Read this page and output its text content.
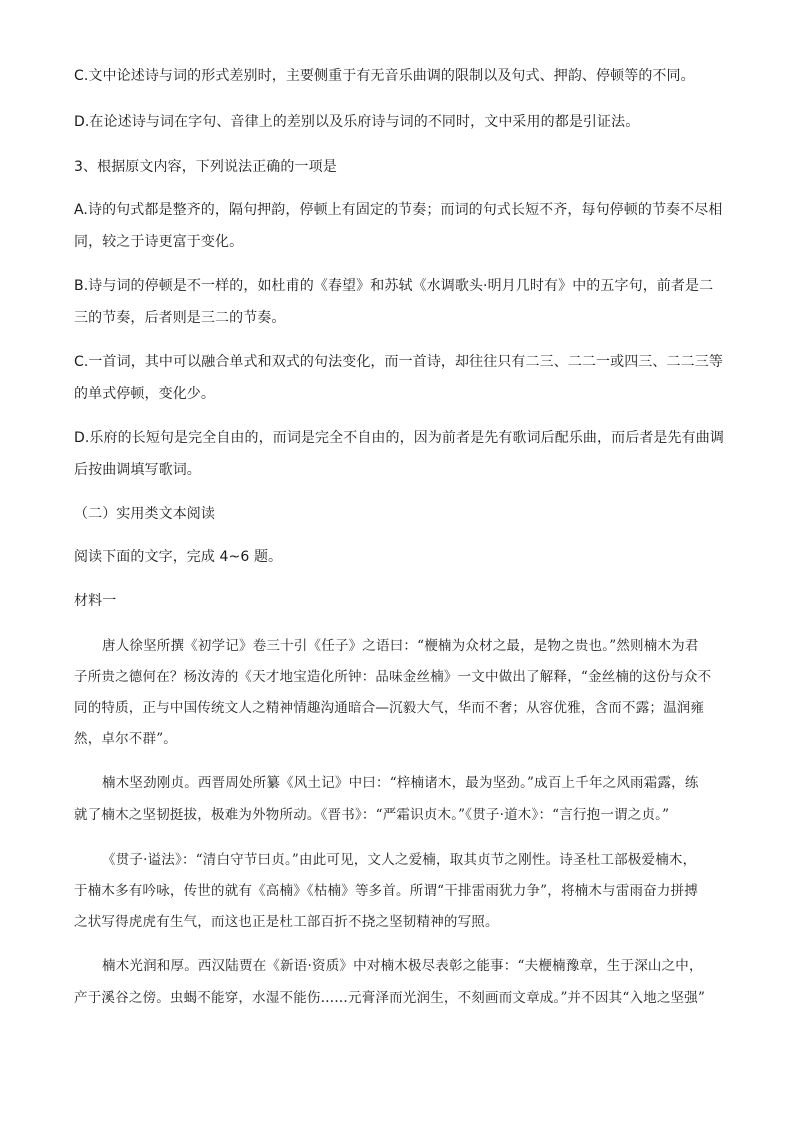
C.文中论述诗与词的形式差别时，主要侧重于有无音乐曲调的限制以及句式、押韵、停顿等的不同。
D.在论述诗与词在字句、音律上的差别以及乐府诗与词的不同时，文中采用的都是引证法。
3、根据原文内容，下列说法正确的一项是
A.诗的句式都是整齐的，隔句押韵，停顿上有固定的节奏；而词的句式长短不齐，每句停顿的节奏不尽相
同，较之于诗更富于变化。
B.诗与词的停顿是不一样的，如杜甫的《春望》和苏轼《水调歌头·明月几时有》中的五字句，前者是二
三的节奏，后者则是三二的节奏。
C.一首词，其中可以融合单式和双式的句法变化，而一首诗，却往往只有二三、二二一或四三、二二三等
的单式停顿，变化少。
D.乐府的长短句是完全自由的，而词是完全不自由的，因为前者是先有歌词后配乐曲，而后者是先有曲调
后按曲调填写歌词。
（二）实用类文本阅读
阅读下面的文字，完成 4~6 题。
材料一
唐人徐坚所撰《初学记》卷三十引《任子》之语曰：“楩楠为众材之最，是物之贵也。”然则楠木为君
子所贵之德何在？杨汝涛的《天才地宝造化所钟：品味金丝楠》一文中做出了解释，“金丝楠的这份与众不
同的特质，正与中国传统文人之精神情趣沟通暗合—沉毅大气，华而不奢；从容优雅，含而不露；温润雍
然，卓尔不群”。
楠木坚劲刚贞。西晋周处所纂《风土记》中曰：“梓楠诸木，最为坚劲。”成百上千年之风雨霜露，练
就了楠木之坚韧挺拔，极难为外物所动。《晋书》：“严霜识贞木。”《贯子·道木》：“言行抱一谓之贞。”
《贯子·谥法》：“清白守节曰贞。”由此可见，文人之爱楠，取其贞节之刚性。诗圣杜工部极爱楠木，
于楠木多有吟咏，传世的就有《高楠》《枯楠》等多首。所谓“干排雷雨犹力争”，将楠木与雷雨奋力拼搏
之状写得虎虎有生气，而这也正是杜工部百折不挠之坚韧精神的写照。
楠木光润和厚。西汉陆贾在《新语·资质》中对楠木极尽表彰之能事：“夫楩楠豫章，生于深山之中，
产于溪谷之傍。虫蝎不能穿，水湿不能伤……元膏泽而光润生，不刻画而文章成。”并不因其“入地之坚强”
